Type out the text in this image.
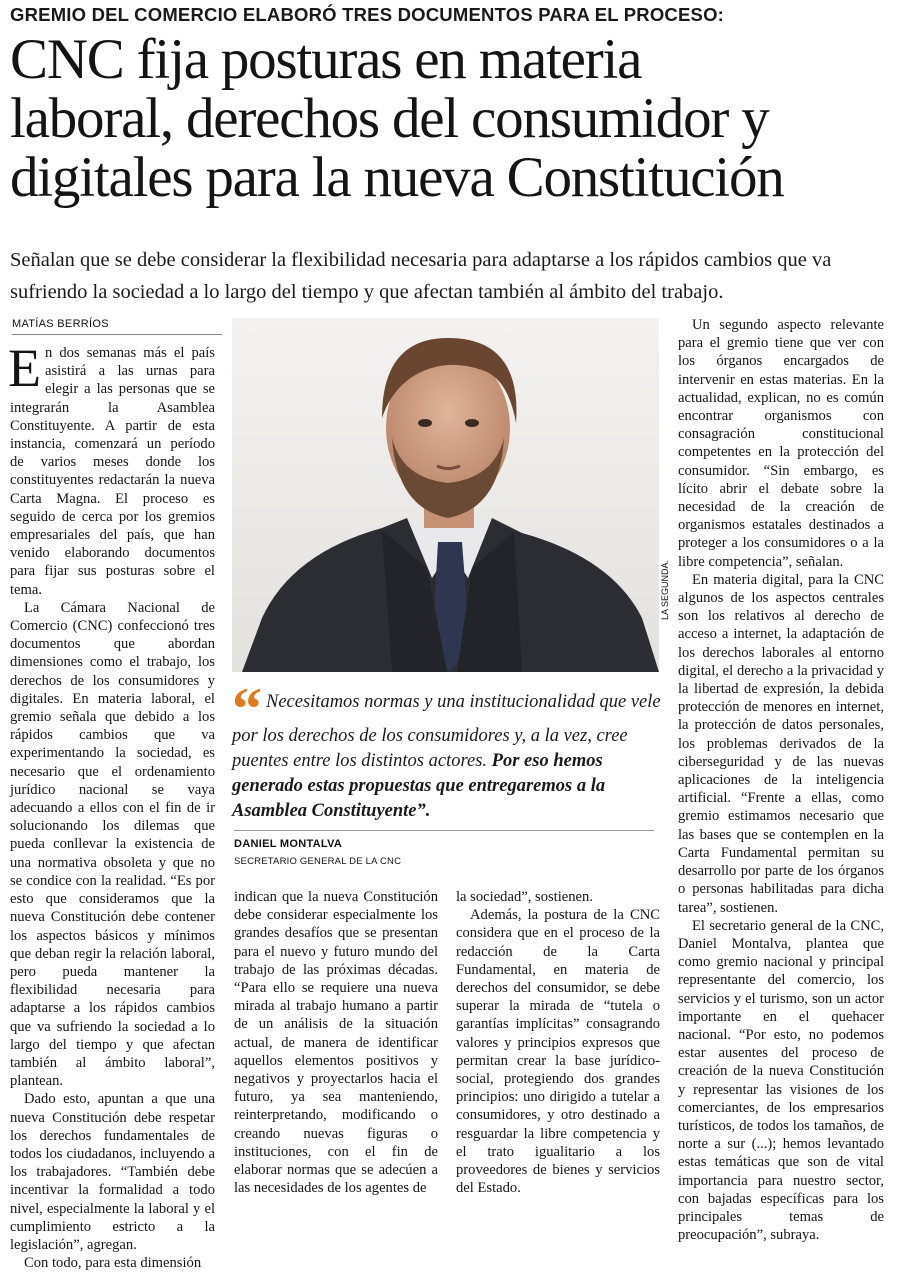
GREMIO DEL COMERCIO ELABORÓ TRES DOCUMENTOS PARA EL PROCESO:
CNC fija posturas en materia
laboral, derechos del consumidor y
digitales para la nueva Constitución
Señalan que se debe considerar la flexibilidad necesaria para adaptarse a los rápidos cambios que va
sufriendo la sociedad a lo largo del tiempo y que afectan también al ámbito del trabajo.
MATÍAS BERRÍOS

En dos semanas más el país asistirá a las urnas para elegir a las personas que se integrarán la Asamblea Constituyente. A partir de esta instancia, comenzará un período de varios meses donde los constituyentes redactarán la nueva Carta Magna. El proceso es seguido de cerca por los gremios empresariales del país, que han venido elaborando documentos para fijar sus posturas sobre el tema.

La Cámara Nacional de Comercio (CNC) confeccionó tres documentos que abordan dimensiones como el trabajo, los derechos de los consumidores y digitales. En materia laboral, el gremio señala que debido a los rápidos cambios que va experimentando la sociedad, es necesario que el ordenamiento jurídico nacional se vaya adecuando a ellos con el fin de ir solucionando los dilemas que pueda conllevar la existencia de una normativa obsoleta y que no se condice con la realidad. “Es por esto que consideramos que la nueva Constitución debe contener los aspectos básicos y mínimos que deban regir la relación laboral, pero pueda mantener la flexibilidad necesaria para adaptarse a los rápidos cambios que va sufriendo la sociedad a lo largo del tiempo y que afectan también al ámbito laboral”, plantean.

Dado esto, apuntan a que una nueva Constitución debe respetar los derechos fundamentales de todos los ciudadanos, incluyendo a los trabajadores. “También debe incentivar la formalidad a todo nivel, especialmente la laboral y el cumplimiento estricto a la legislación”, agregan.

Con todo, para esta dimensión

LA SEGUNDA.
“ Necesitamos normas y una institucionalidad que vele por los derechos de los consumidores y, a la vez, cree puentes entre los distintos actores. Por eso hemos generado estas propuestas que entregaremos a la Asamblea Constituyente”.
DANIEL MONTALVA
SECRETARIO GENERAL DE LA CNC

indican que la nueva Constitución debe considerar especialmente los grandes desafíos que se presentan para el nuevo y futuro mundo del trabajo de las próximas décadas. “Para ello se requiere una nueva mirada al trabajo humano a partir de un análisis de la situación actual, de manera de identificar aquellos elementos positivos y negativos y proyectarlos hacia el futuro, ya sea manteniendo, reinterpretando, modificando o creando nuevas figuras o instituciones, con el fin de elaborar normas que se adecúen a las necesidades de los agentes de

la sociedad”, sostienen.

Además, la postura de la CNC considera que en el proceso de la redacción de la Carta Fundamental, en materia de derechos del consumidor, se debe superar la mirada de “tutela o garantías implícitas” consagrando valores y principios expresos que permitan crear la base jurídico-social, protegiendo dos grandes principios: uno dirigido a tutelar a consumidores, y otro destinado a resguardar la libre competencia y el trato igualitario a los proveedores de bienes y servicios del Estado.

Un segundo aspecto relevante para el gremio tiene que ver con los órganos encargados de intervenir en estas materias. En la actualidad, explican, no es común encontrar organismos con consagración constitucional competentes en la protección del consumidor. “Sin embargo, es lícito abrir el debate sobre la necesidad de la creación de organismos estatales destinados a proteger a los consumidores o a la libre competencia”, señalan.

En materia digital, para la CNC algunos de los aspectos centrales son los relativos al derecho de acceso a internet, la adaptación de los derechos laborales al entorno digital, el derecho a la privacidad y la libertad de expresión, la debida protección de menores en internet, la protección de datos personales, los problemas derivados de la ciberseguridad y de las nuevas aplicaciones de la inteligencia artificial. “Frente a ellas, como gremio estimamos necesario que las bases que se contemplen en la Carta Fundamental permitan su desarrollo por parte de los órganos o personas habilitadas para dicha tarea”, sostienen.

El secretario general de la CNC, Daniel Montalva, plantea que como gremio nacional y principal representante del comercio, los servicios y el turismo, son un actor importante en el quehacer nacional. “Por esto, no podemos estar ausentes del proceso de creación de la nueva Constitución y representar las visiones de los comerciantes, de los empresarios turísticos, de todos los tamaños, de norte a sur (...); hemos levantado estas temáticas que son de vital importancia para nuestro sector, con bajadas específicas para los principales temas de preocupación”, subraya.
